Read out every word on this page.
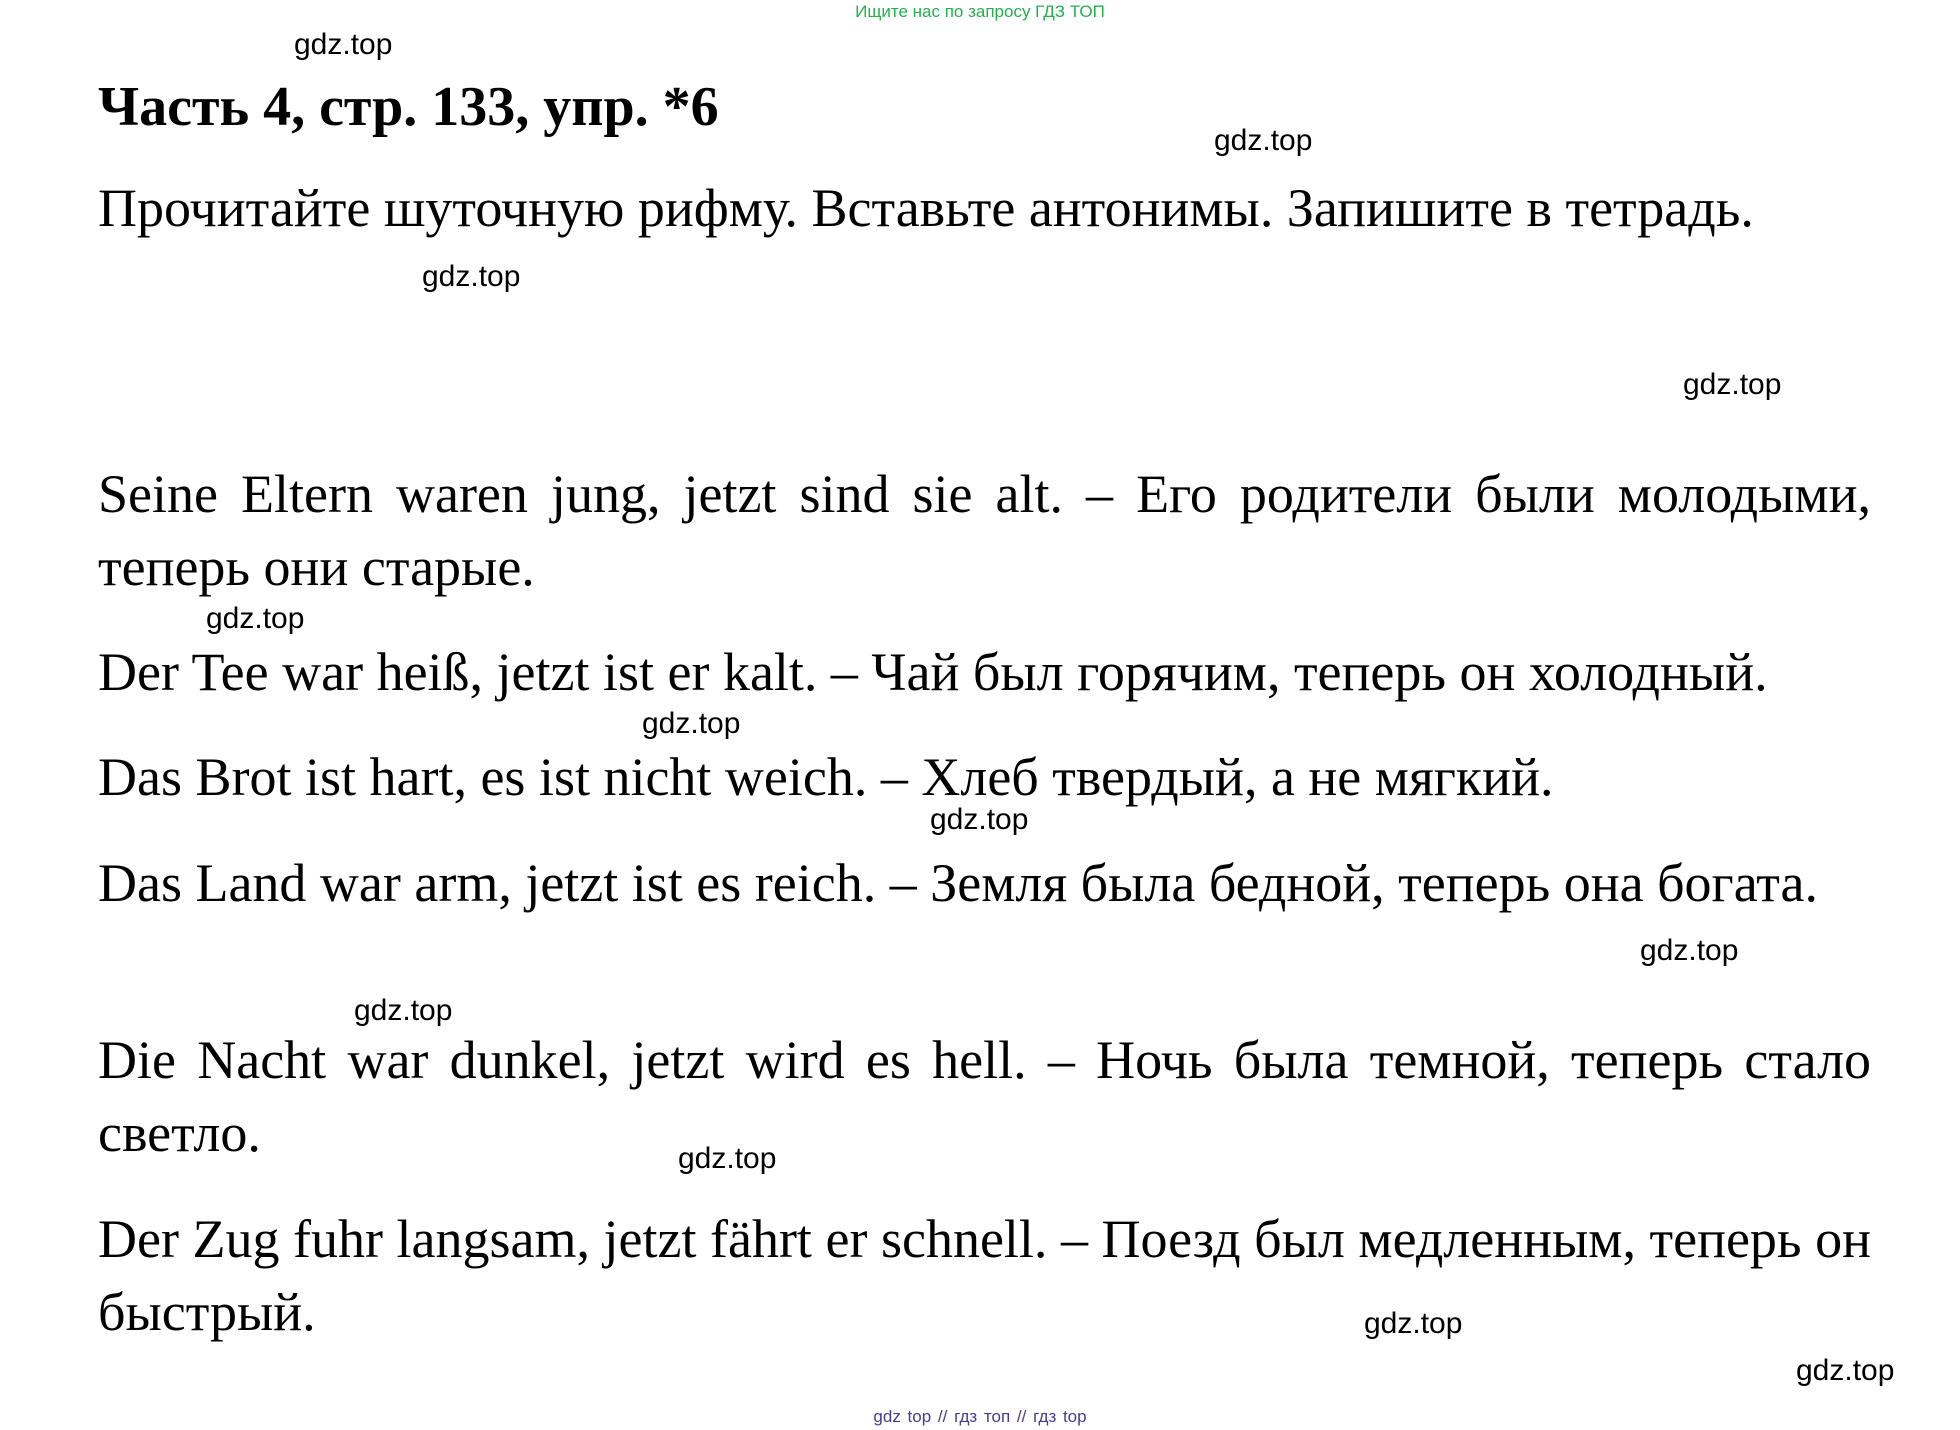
Ищите нас по запросу ГДЗ ТОП
Часть 4, стр. 133, упр. *6

Прочитайте шуточную рифму. Вставьте антонимы. Запишите в тетрадь.

Seine Eltern waren jung, jetzt sind sie alt. – Его родители были молодыми, теперь они старые.

Der Tee war heiß, jetzt ist er kalt. – Чай был горячим, теперь он холодный.

Das Brot ist hart, es ist nicht weich. – Хлеб твердый, а не мягкий.

Das Land war arm, jetzt ist es reich. – Земля была бедной, теперь она богата.

Die Nacht war dunkel, jetzt wird es hell. – Ночь была темной, теперь стало светло.

Der Zug fuhr langsam, jetzt fährt er schnell. – Поезд был медленным, теперь он быстрый.

gdz.top
gdz.top
gdz.top
gdz.top
gdz.top
gdz.top
gdz.top
gdz.top
gdz.top
gdz.top
gdz.top
gdz.top
gdz top // гдз топ // гдз top
